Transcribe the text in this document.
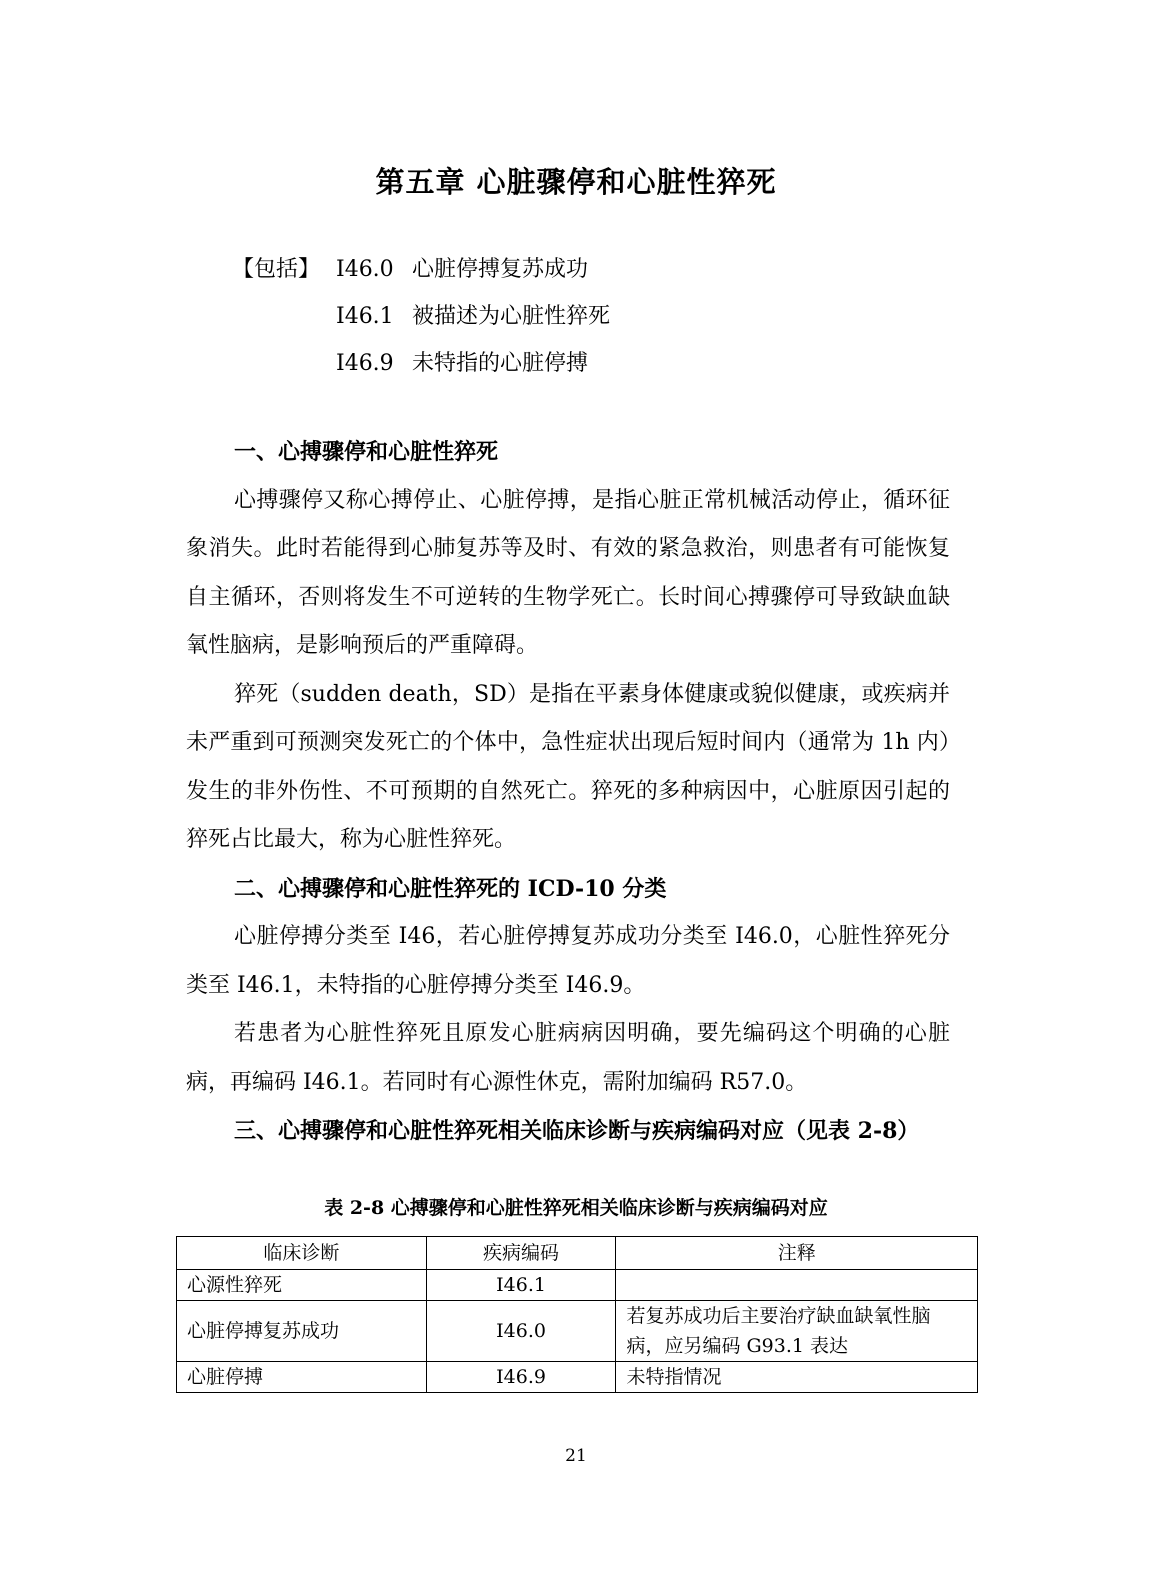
第五章 心脏骤停和心脏性猝死
【包括】 I46.0 心脏停搏复苏成功
I46.1 被描述为心脏性猝死
I46.9 未特指的心脏停搏
一、心搏骤停和心脏性猝死

心搏骤停又称心搏停止、心脏停搏，是指心脏正常机械活动停止，循环征象消失。此时若能得到心肺复苏等及时、有效的紧急救治，则患者有可能恢复自主循环，否则将发生不可逆转的生物学死亡。长时间心搏骤停可导致缺血缺氧性脑病，是影响预后的严重障碍。

猝死（sudden death，SD）是指在平素身体健康或貌似健康，或疾病并未严重到可预测突发死亡的个体中，急性症状出现后短时间内（通常为 1h 内）发生的非外伤性、不可预期的自然死亡。猝死的多种病因中，心脏原因引起的猝死占比最大，称为心脏性猝死。

二、心搏骤停和心脏性猝死的 ICD-10 分类

心脏停搏分类至 I46，若心脏停搏复苏成功分类至 I46.0，心脏性猝死分类至 I46.1，未特指的心脏停搏分类至 I46.9。

若患者为心脏性猝死且原发心脏病病因明确，要先编码这个明确的心脏病，再编码 I46.1。若同时有心源性休克，需附加编码 R57.0。

三、心搏骤停和心脏性猝死相关临床诊断与疾病编码对应（见表 2-8）
表 2-8 心搏骤停和心脏性猝死相关临床诊断与疾病编码对应
临床诊断	疾病编码	注释
心源性猝死	I46.1	
心脏停搏复苏成功	I46.0	若复苏成功后主要治疗缺血缺氧性脑病，应另编码 G93.1 表达
心脏停搏	I46.9	未特指情况
21
